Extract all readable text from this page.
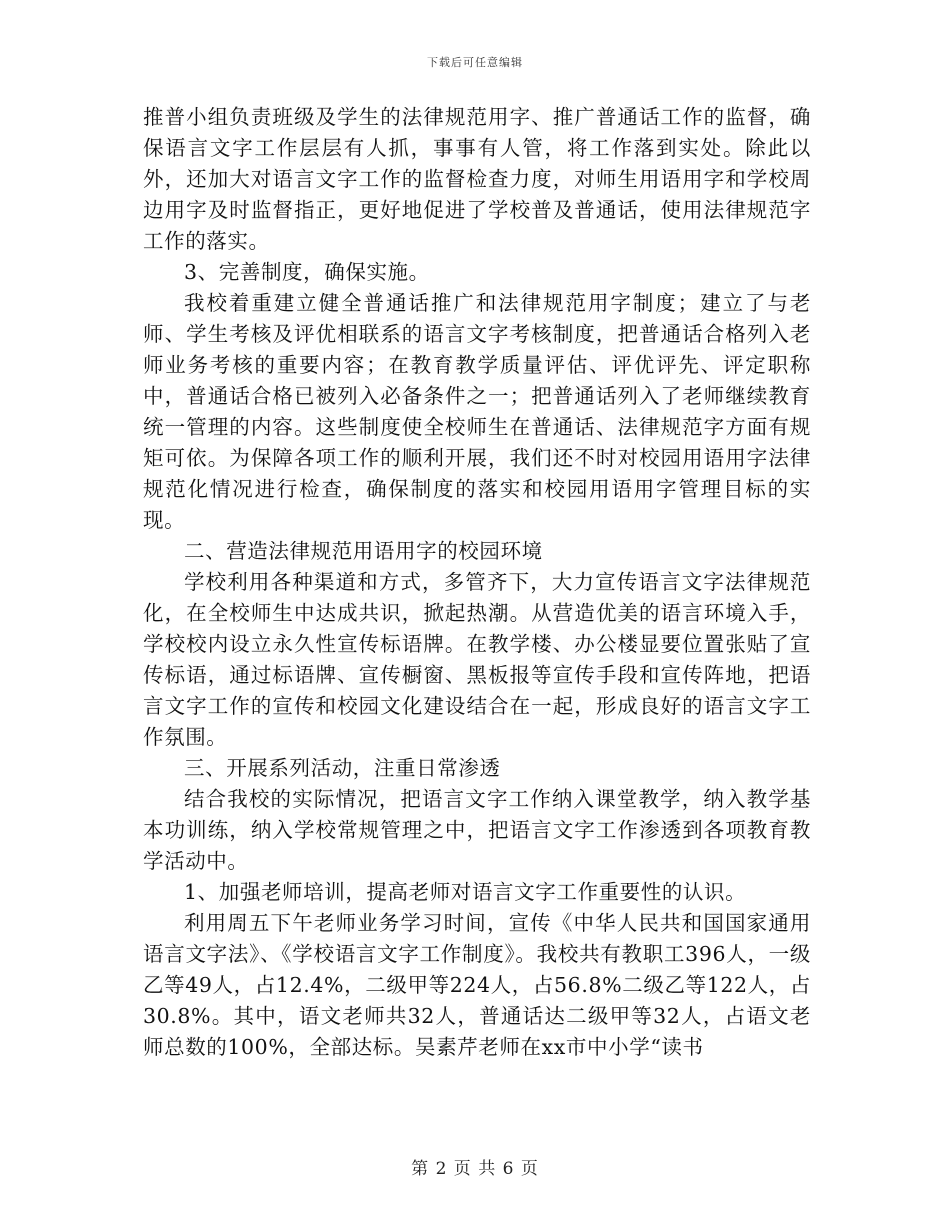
下载后可任意编辑

推普小组负责班级及学生的法律规范用字、推广普通话工作的监督，确保语言文字工作层层有人抓，事事有人管，将工作落到实处。除此以外，还加大对语言文字工作的监督检查力度，对师生用语用字和学校周边用字及时监督指正，更好地促进了学校普及普通话，使用法律规范字工作的落实。

3、完善制度，确保实施。

我校着重建立健全普通话推广和法律规范用字制度；建立了与老师、学生考核及评优相联系的语言文字考核制度，把普通话合格列入老师业务考核的重要内容；在教育教学质量评估、评优评先、评定职称中，普通话合格已被列入必备条件之一；把普通话列入了老师继续教育统一管理的内容。这些制度使全校师生在普通话、法律规范字方面有规矩可依。为保障各项工作的顺利开展，我们还不时对校园用语用字法律规范化情况进行检查，确保制度的落实和校园用语用字管理目标的实现。

二、营造法律规范用语用字的校园环境

学校利用各种渠道和方式，多管齐下，大力宣传语言文字法律规范化，在全校师生中达成共识，掀起热潮。从营造优美的语言环境入手，学校校内设立永久性宣传标语牌。在教学楼、办公楼显要位置张贴了宣传标语，通过标语牌、宣传橱窗、黑板报等宣传手段和宣传阵地，把语言文字工作的宣传和校园文化建设结合在一起，形成良好的语言文字工作氛围。

三、开展系列活动，注重日常渗透

结合我校的实际情况，把语言文字工作纳入课堂教学，纳入教学基本功训练，纳入学校常规管理之中，把语言文字工作渗透到各项教育教学活动中。

1、加强老师培训，提高老师对语言文字工作重要性的认识。

利用周五下午老师业务学习时间，宣传《中华人民共和国国家通用语言文字法》、《学校语言文字工作制度》。我校共有教职工396人，一级乙等49人，占12.4%，二级甲等224人，占56.8%二级乙等122人，占30.8%。其中，语文老师共32人，普通话达二级甲等32人，占语文老师总数的100%，全部达标。吴素芹老师在xx市中小学“读书

第 2 页 共 6 页
